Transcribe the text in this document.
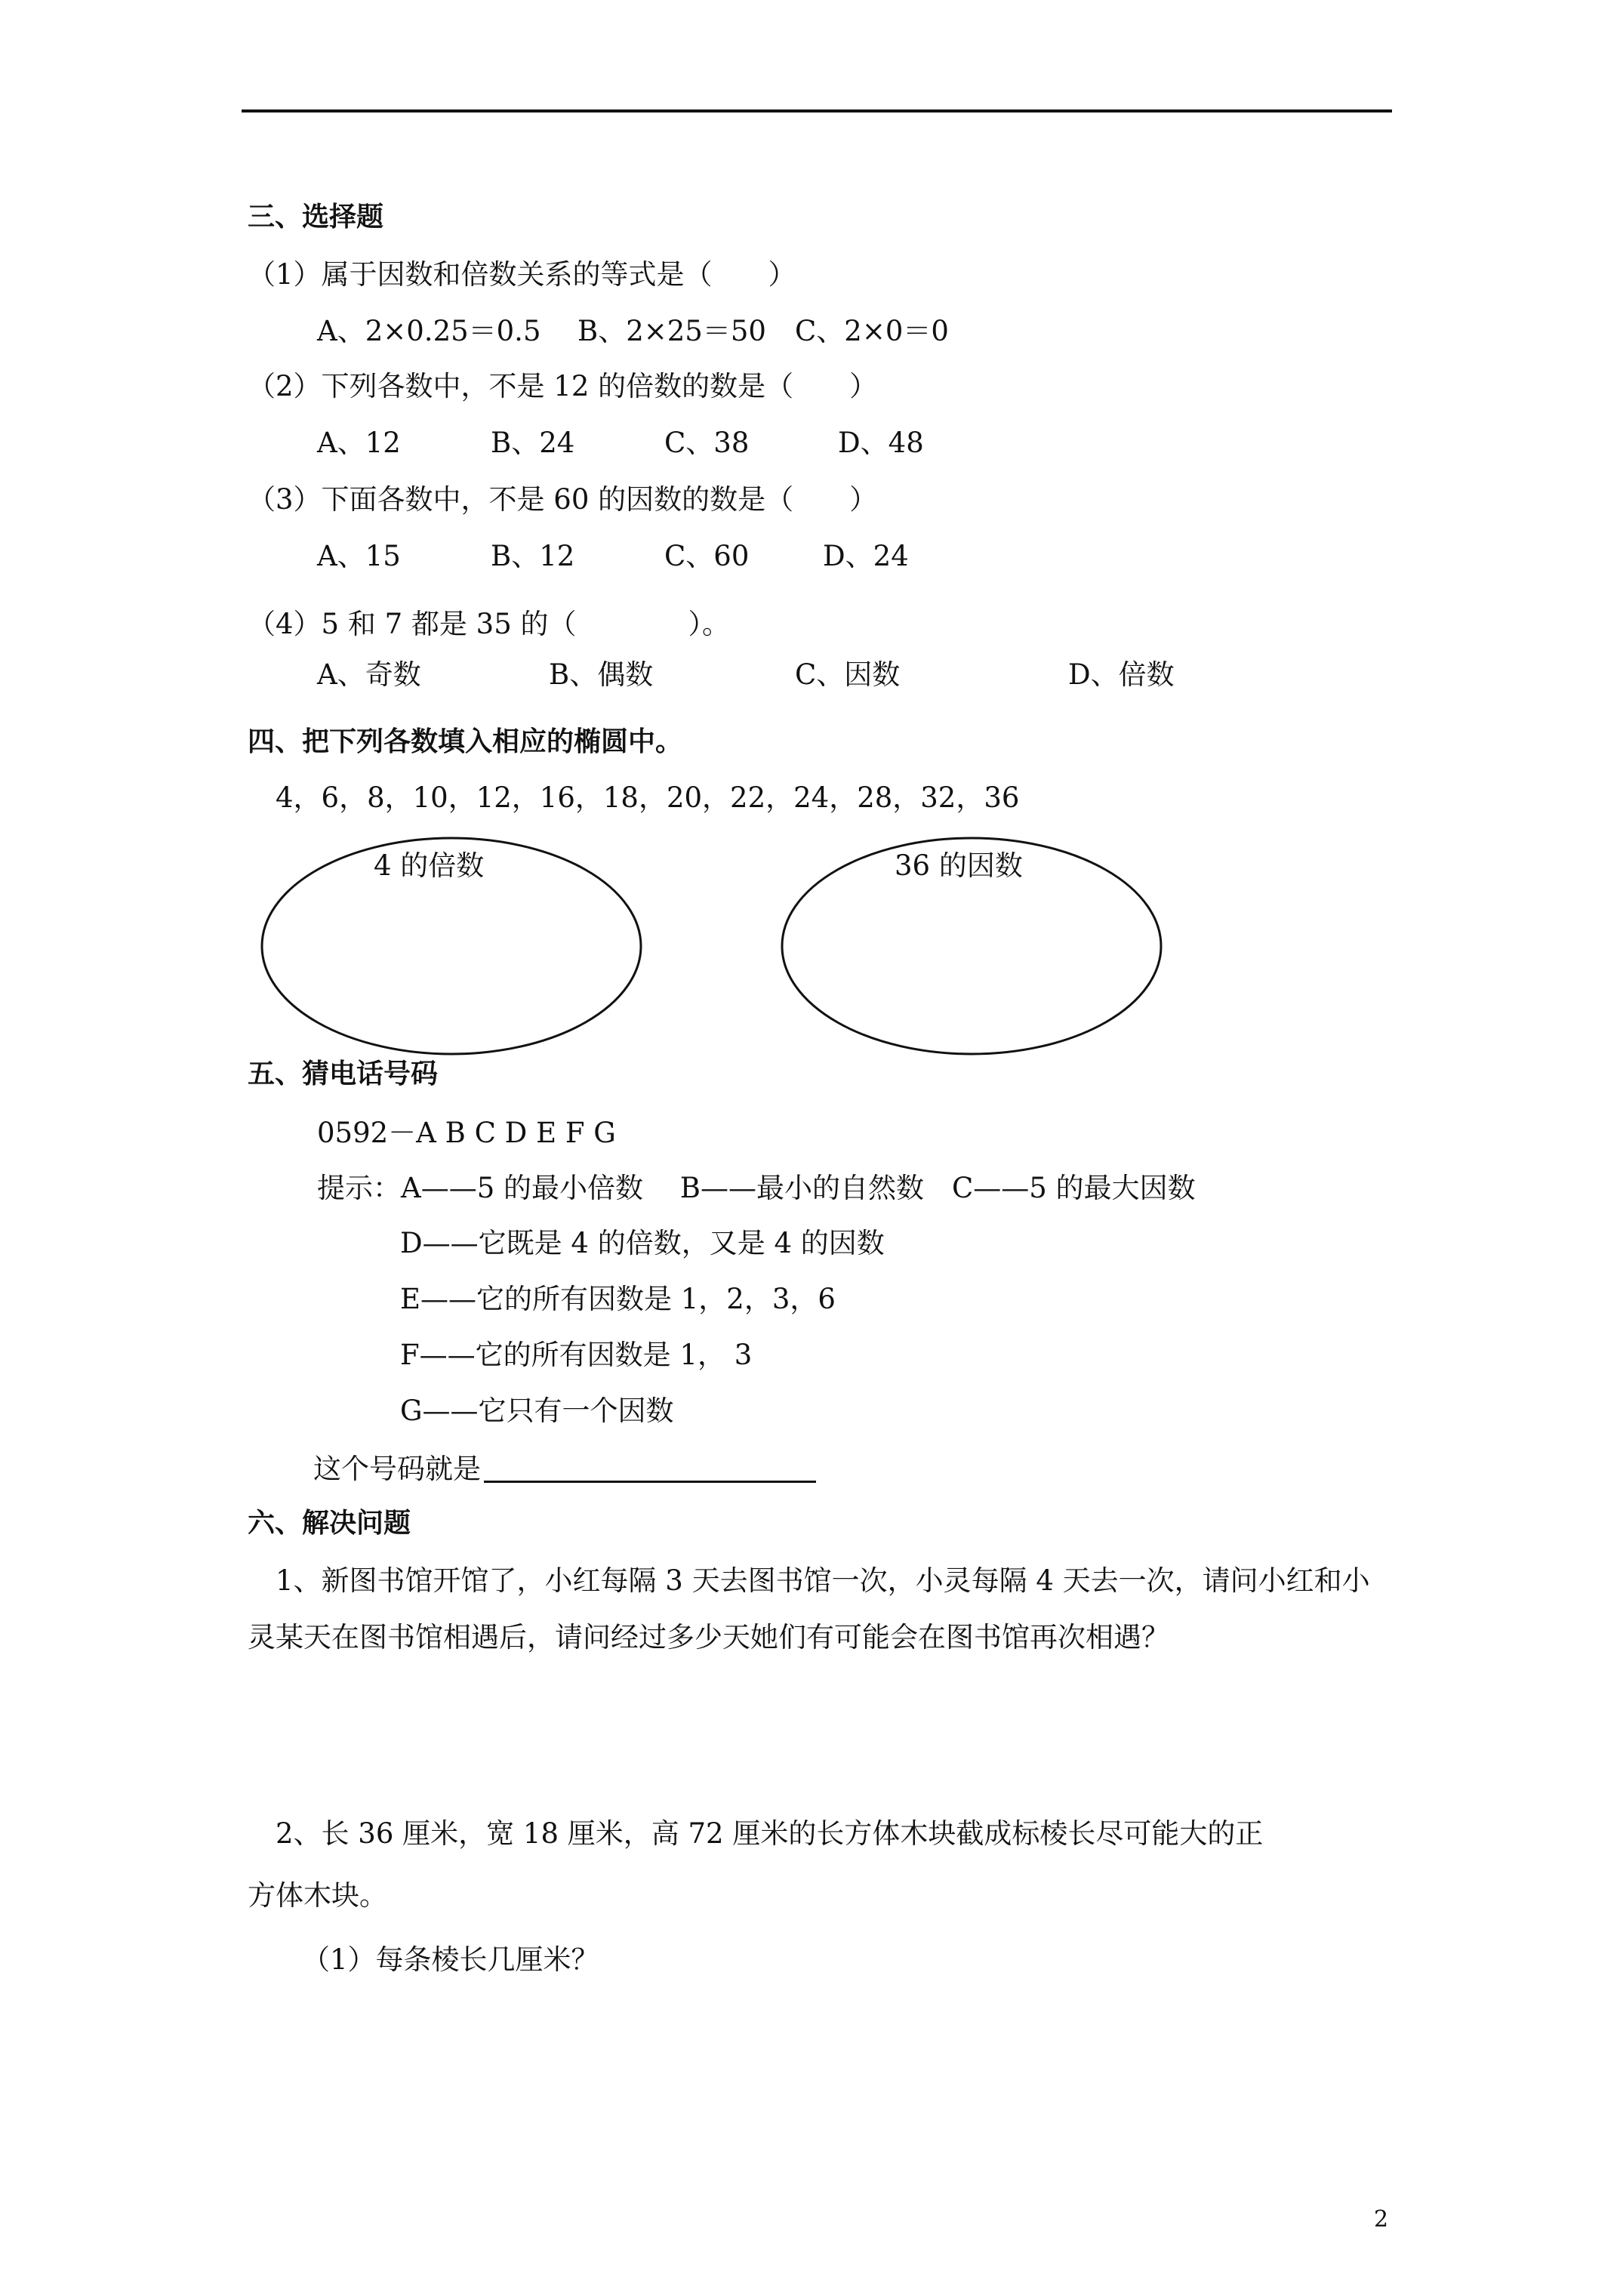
三、选择题
（1）属于因数和倍数关系的等式是（　　）
A、2×0.25＝0.5 B、2×25＝50 C、2×0＝0
（2）下列各数中，不是 12 的倍数的数是（　　）
A、12	B、24	C、38	D、48
（3）下面各数中，不是 60 的因数的数是（　　）
A、15	B、12	C、60	D、24
（4）5 和 7 都是 35 的（　　　　）。
A、奇数	B、偶数	C、因数	D、倍数
四、把下列各数填入相应的椭圆中。
4，6，8，10，12，16，18，20，22，24，28，32，36
4 的倍数	36 的因数
五、猜电话号码
0592－A B C D E F G
提示：A——5 的最小倍数　 B——最小的自然数　C——5 的最大因数
D——它既是 4 的倍数，又是 4 的因数
E——它的所有因数是 1，2，3，6
F——它的所有因数是 1， 3
G——它只有一个因数
这个号码就是
六、解决问题
1、新图书馆开馆了，小红每隔 3 天去图书馆一次，小灵每隔 4 天去一次，请问小红和小
灵某天在图书馆相遇后，请问经过多少天她们有可能会在图书馆再次相遇？
2、长 36 厘米，宽 18 厘米，高 72 厘米的长方体木块截成标棱长尽可能大的正
方体木块。
（1）每条棱长几厘米？
2
